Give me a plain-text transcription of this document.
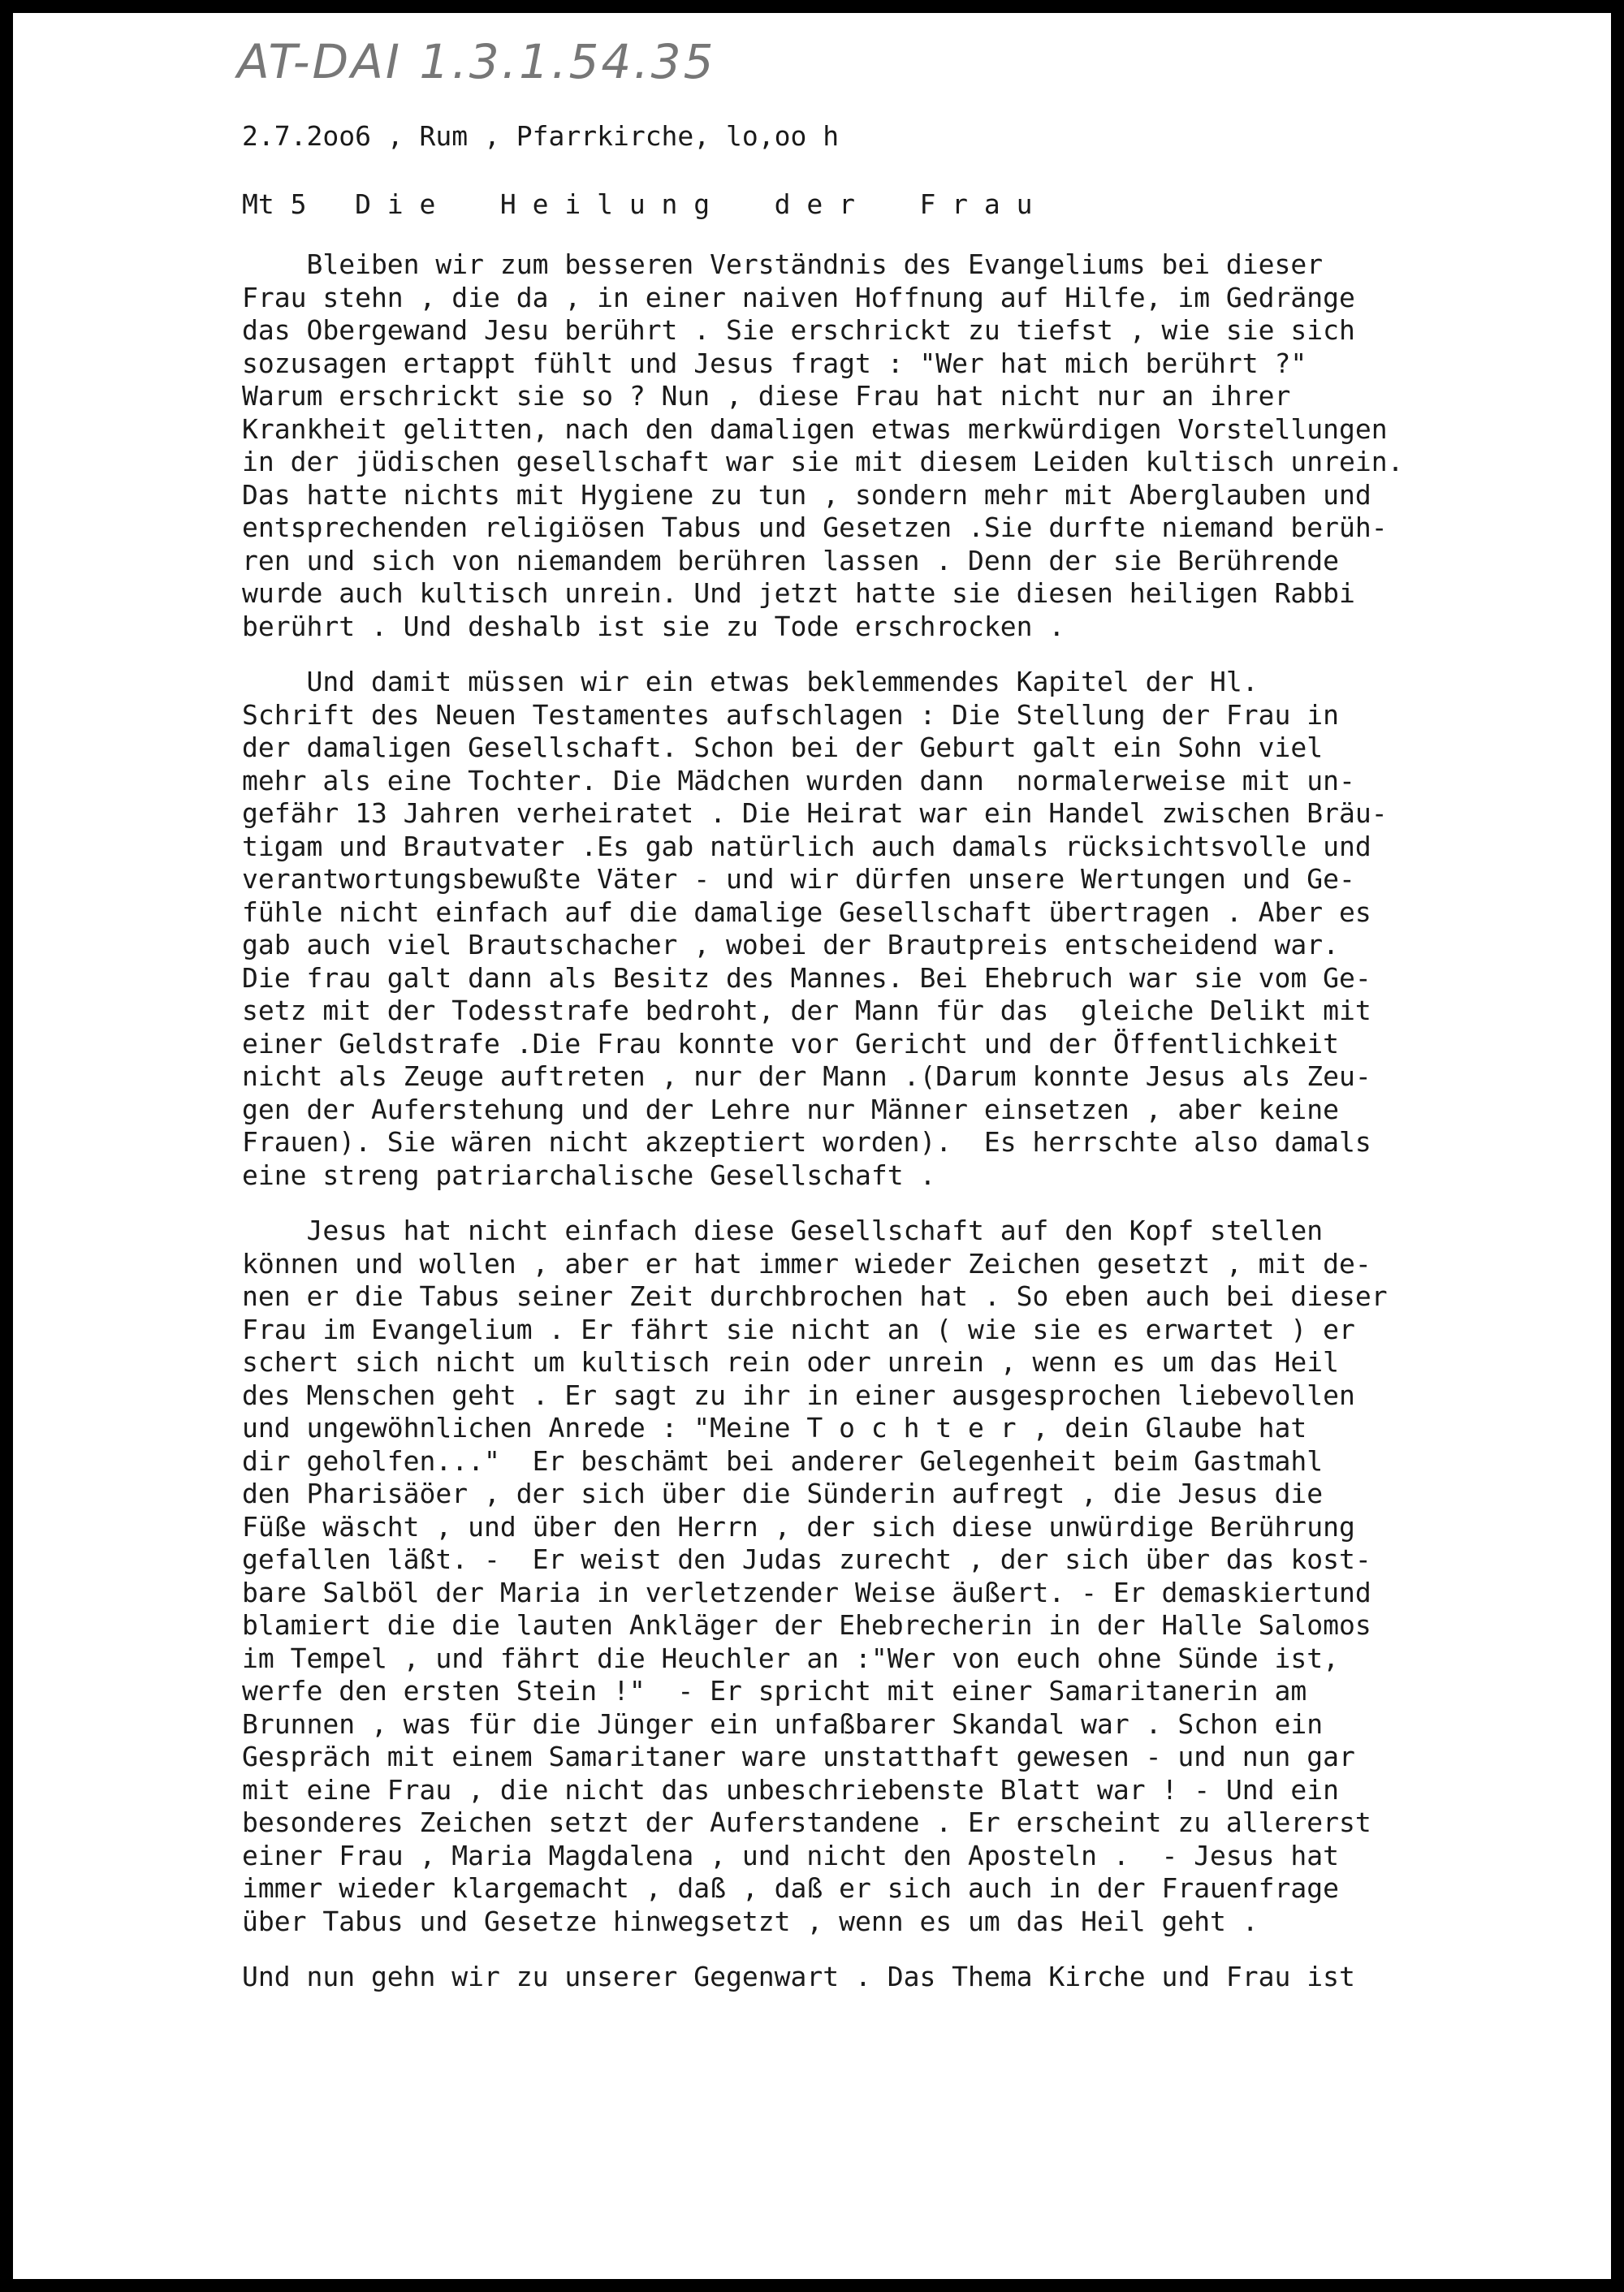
AT-DAI 1.3.1.54.35
2.7.2oo6 , Rum , Pfarrkirche, lo,oo h
Mt 5   D i e    H e i l u n g    d e r    F r a u
Bleiben wir zum besseren Verständnis des Evangeliums bei dieser
Frau stehn , die da , in einer naiven Hoffnung auf Hilfe, im Gedränge
das Obergewand Jesu berührt . Sie erschrickt zu tiefst , wie sie sich
sozusagen ertappt fühlt und Jesus fragt : "Wer hat mich berührt ?"
Warum erschrickt sie so ? Nun , diese Frau hat nicht nur an ihrer
Krankheit gelitten, nach den damaligen etwas merkwürdigen Vorstellungen
in der jüdischen gesellschaft war sie mit diesem Leiden kultisch unrein.
Das hatte nichts mit Hygiene zu tun , sondern mehr mit Aberglauben und
entsprechenden religiösen Tabus und Gesetzen .Sie durfte niemand berüh-
ren und sich von niemandem berühren lassen . Denn der sie Berührende
wurde auch kultisch unrein. Und jetzt hatte sie diesen heiligen Rabbi
berührt . Und deshalb ist sie zu Tode erschrocken .
Und damit müssen wir ein etwas beklemmendes Kapitel der Hl.
Schrift des Neuen Testamentes aufschlagen : Die Stellung der Frau in
der damaligen Gesellschaft. Schon bei der Geburt galt ein Sohn viel
mehr als eine Tochter. Die Mädchen wurden dann  normalerweise mit un-
gefähr 13 Jahren verheiratet . Die Heirat war ein Handel zwischen Bräu-
tigam und Brautvater .Es gab natürlich auch damals rücksichtsvolle und
verantwortungsbewußte Väter - und wir dürfen unsere Wertungen und Ge-
fühle nicht einfach auf die damalige Gesellschaft übertragen . Aber es
gab auch viel Brautschacher , wobei der Brautpreis entscheidend war.
Die frau galt dann als Besitz des Mannes. Bei Ehebruch war sie vom Ge-
setz mit der Todesstrafe bedroht, der Mann für das  gleiche Delikt mit
einer Geldstrafe .Die Frau konnte vor Gericht und der Öffentlichkeit
nicht als Zeuge auftreten , nur der Mann .(Darum konnte Jesus als Zeu-
gen der Auferstehung und der Lehre nur Männer einsetzen , aber keine
Frauen). Sie wären nicht akzeptiert worden).  Es herrschte also damals
eine streng patriarchalische Gesellschaft .
Jesus hat nicht einfach diese Gesellschaft auf den Kopf stellen
können und wollen , aber er hat immer wieder Zeichen gesetzt , mit de-
nen er die Tabus seiner Zeit durchbrochen hat . So eben auch bei dieser
Frau im Evangelium . Er fährt sie nicht an ( wie sie es erwartet ) er
schert sich nicht um kultisch rein oder unrein , wenn es um das Heil
des Menschen geht . Er sagt zu ihr in einer ausgesprochen liebevollen
und ungewöhnlichen Anrede : "Meine T o c h t e r , dein Glaube hat
dir geholfen..."  Er beschämt bei anderer Gelegenheit beim Gastmahl
den Pharisäöer , der sich über die Sünderin aufregt , die Jesus die
Füße wäscht , und über den Herrn , der sich diese unwürdige Berührung
gefallen läßt. -  Er weist den Judas zurecht , der sich über das kost-
bare Salböl der Maria in verletzender Weise äußert. - Er demaskiertund
blamiert die die lauten Ankläger der Ehebrecherin in der Halle Salomos
im Tempel , und fährt die Heuchler an :"Wer von euch ohne Sünde ist,
werfe den ersten Stein !"  - Er spricht mit einer Samaritanerin am
Brunnen , was für die Jünger ein unfaßbarer Skandal war . Schon ein
Gespräch mit einem Samaritaner ware unstatthaft gewesen - und nun gar
mit eine Frau , die nicht das unbeschriebenste Blatt war ! - Und ein
besonderes Zeichen setzt der Auferstandene . Er erscheint zu allererst
einer Frau , Maria Magdalena , und nicht den Aposteln .  - Jesus hat
immer wieder klargemacht , daß , daß er sich auch in der Frauenfrage
über Tabus und Gesetze hinwegsetzt , wenn es um das Heil geht .
Und nun gehn wir zu unserer Gegenwart . Das Thema Kirche und Frau ist
